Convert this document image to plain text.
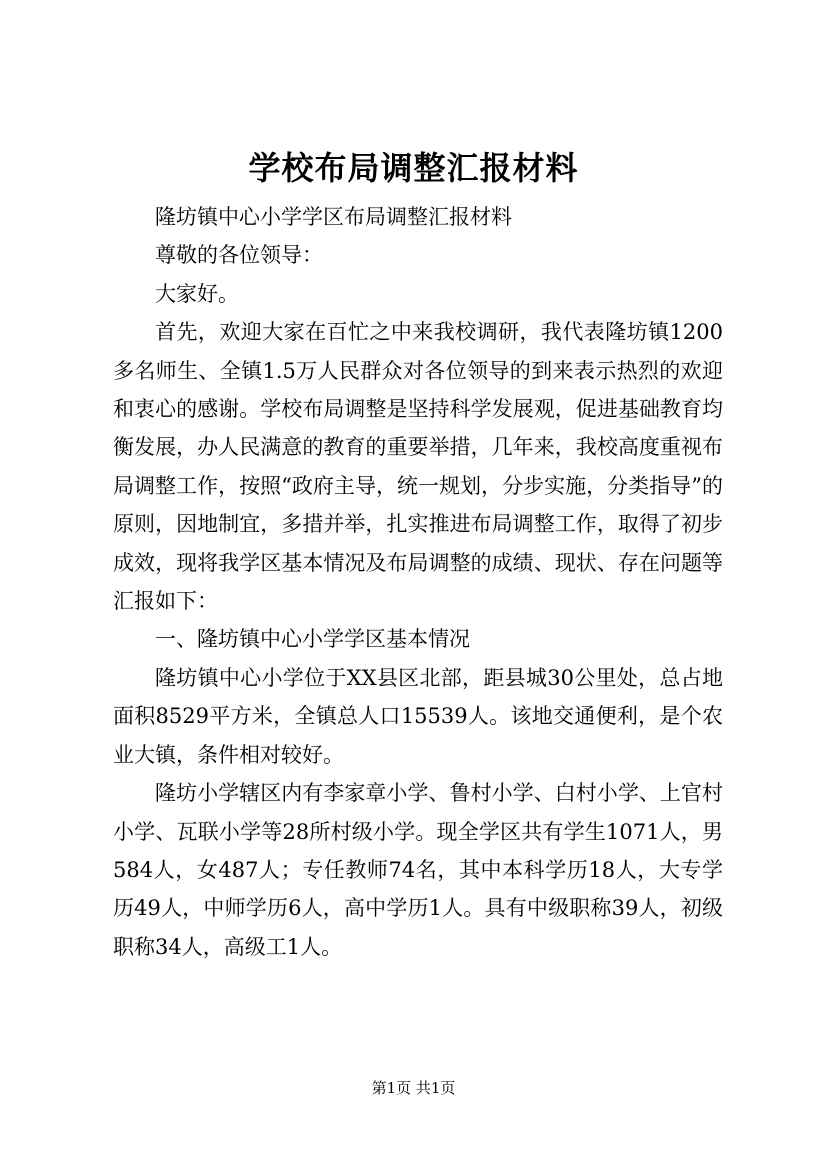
学校布局调整汇报材料

隆坊镇中心小学学区布局调整汇报材料

尊敬的各位领导：

大家好。

首先，欢迎大家在百忙之中来我校调研，我代表隆坊镇1200多名师生、全镇1.5万人民群众对各位领导的到来表示热烈的欢迎和衷心的感谢。学校布局调整是坚持科学发展观，促进基础教育均衡发展，办人民满意的教育的重要举措，几年来，我校高度重视布局调整工作，按照“政府主导，统一规划，分步实施，分类指导”的原则，因地制宜，多措并举，扎实推进布局调整工作，取得了初步成效，现将我学区基本情况及布局调整的成绩、现状、存在问题等汇报如下：

一、隆坊镇中心小学学区基本情况

隆坊镇中心小学位于XX县区北部，距县城30公里处，总占地面积8529平方米，全镇总人口15539人。该地交通便利，是个农业大镇，条件相对较好。

隆坊小学辖区内有李家章小学、鲁村小学、白村小学、上官村小学、瓦联小学等28所村级小学。现全学区共有学生1071人，男584人，女487人；专任教师74名，其中本科学历18人，大专学历49人，中师学历6人，高中学历1人。具有中级职称39人，初级职称34人，高级工1人。

第1页 共1页
